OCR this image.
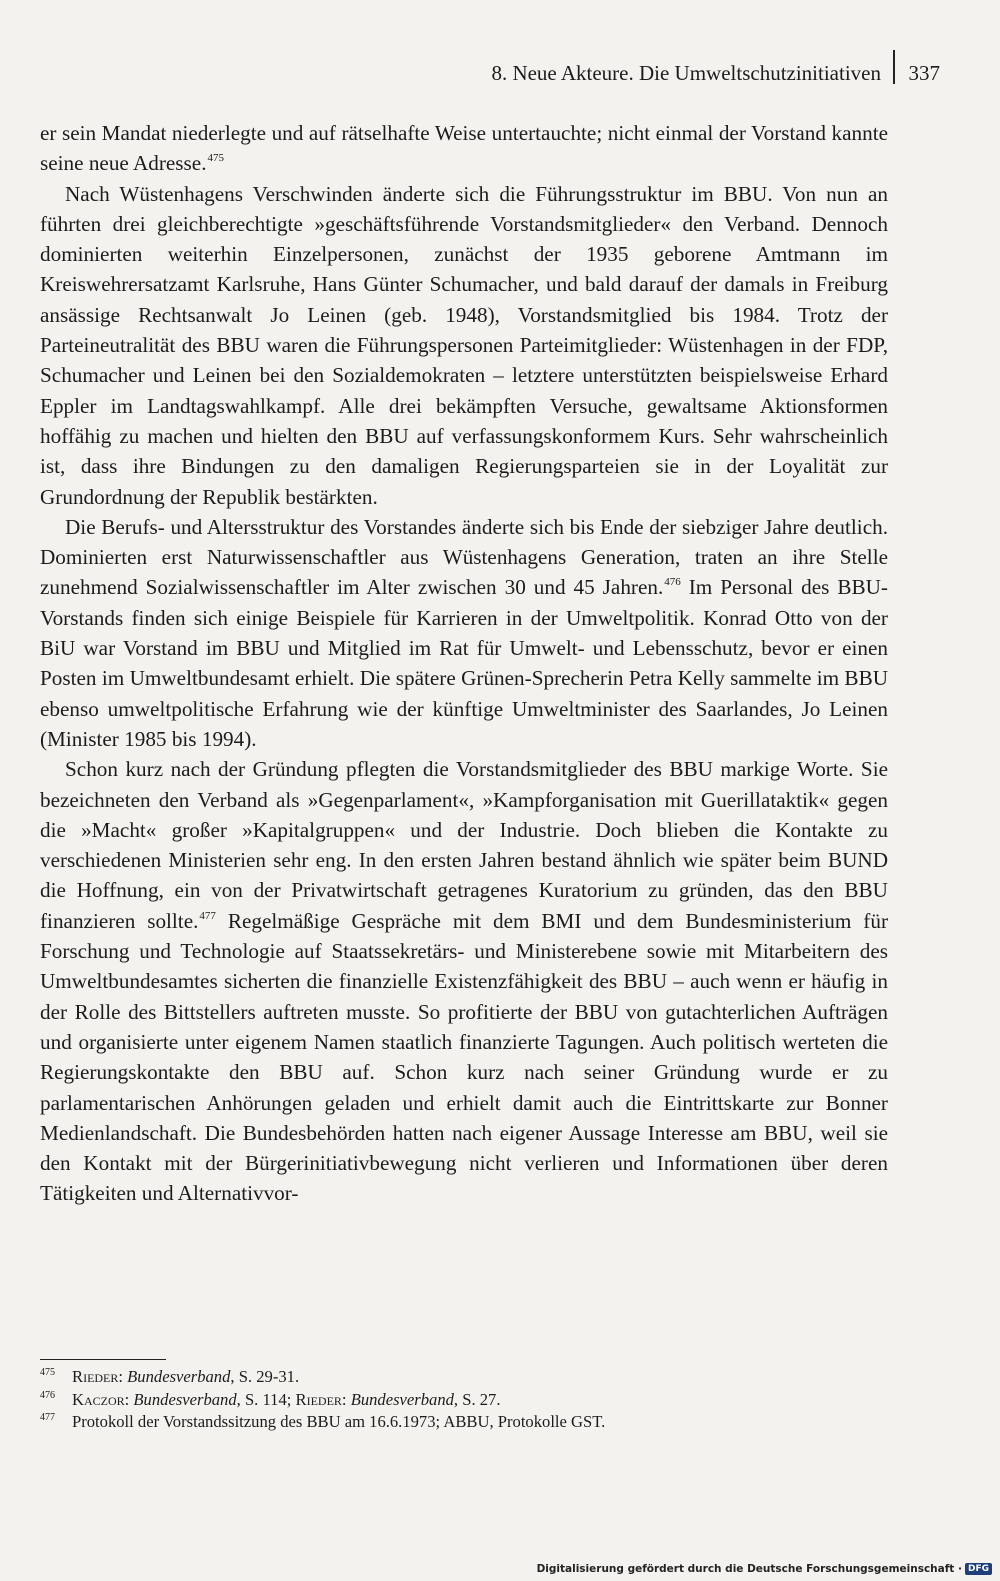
8. Neue Akteure. Die Umweltschutzinitiativen 337

er sein Mandat niederlegte und auf rätselhafte Weise untertauchte; nicht einmal der Vorstand kannte seine neue Adresse.$^{475}$

Nach Wüstenhagens Verschwinden änderte sich die Führungsstruktur im BBU. Von nun an führten drei gleichberechtigte »geschäftsführende Vorstandsmitglieder« den Verband. Dennoch dominierten weiterhin Einzelpersonen, zunächst der 1935 geborene Amtmann im Kreiswehrersatzamt Karlsruhe, Hans Günter Schumacher, und bald darauf der damals in Freiburg ansässige Rechtsanwalt Jo Leinen (geb. 1948), Vorstandsmitglied bis 1984. Trotz der Parteineutralität des BBU waren die Führungspersonen Parteimitglieder: Wüstenhagen in der FDP, Schumacher und Leinen bei den Sozialdemokraten – letztere unterstützten beispielsweise Erhard Eppler im Landtagswahlkampf. Alle drei bekämpften Versuche, gewaltsame Aktionsformen hoffähig zu machen und hielten den BBU auf verfassungskonformem Kurs. Sehr wahrscheinlich ist, dass ihre Bindungen zu den damaligen Regierungsparteien sie in der Loyalität zur Grundordnung der Republik bestärkten.

Die Berufs- und Altersstruktur des Vorstandes änderte sich bis Ende der siebziger Jahre deutlich. Dominierten erst Naturwissenschaftler aus Wüstenhagens Generation, traten an ihre Stelle zunehmend Sozialwissenschaftler im Alter zwischen 30 und 45 Jahren.$^{476}$ Im Personal des BBU-Vorstands finden sich einige Beispiele für Karrieren in der Umweltpolitik. Konrad Otto von der BiU war Vorstand im BBU und Mitglied im Rat für Umwelt- und Lebensschutz, bevor er einen Posten im Umweltbundesamt erhielt. Die spätere Grünen-Sprecherin Petra Kelly sammelte im BBU ebenso umweltpolitische Erfahrung wie der künftige Umweltminister des Saarlandes, Jo Leinen (Minister 1985 bis 1994).

Schon kurz nach der Gründung pflegten die Vorstandsmitglieder des BBU markige Worte. Sie bezeichneten den Verband als »Gegenparlament«, »Kampforganisation mit Guerillataktik« gegen die »Macht« großer »Kapitalgruppen« und der Industrie. Doch blieben die Kontakte zu verschiedenen Ministerien sehr eng. In den ersten Jahren bestand ähnlich wie später beim BUND die Hoffnung, ein von der Privatwirtschaft getragenes Kuratorium zu gründen, das den BBU finanzieren sollte.$^{477}$ Regelmäßige Gespräche mit dem BMI und dem Bundesministerium für Forschung und Technologie auf Staatssekretärs- und Ministerebene sowie mit Mitarbeitern des Umweltbundesamtes sicherten die finanzielle Existenzfähigkeit des BBU – auch wenn er häufig in der Rolle des Bittstellers auftreten musste. So profitierte der BBU von gutachterlichen Aufträgen und organisierte unter eigenem Namen staatlich finanzierte Tagungen. Auch politisch werteten die Regierungskontakte den BBU auf. Schon kurz nach seiner Gründung wurde er zu parlamentarischen Anhörungen geladen und erhielt damit auch die Eintrittskarte zur Bonner Medienlandschaft. Die Bundesbehörden hatten nach eigener Aussage Interesse am BBU, weil sie den Kontakt mit der Bürgerinitiativbewegung nicht verlieren und Informationen über deren Tätigkeiten und Alternativvor-

475	Rieder: Bundesverband, S. 29-31.
476	Kaczor: Bundesverband, S. 114; Rieder: Bundesverband, S. 27.
477	Protokoll der Vorstandssitzung des BBU am 16.6.1973; ABBU, Protokolle GST.
Digitalisierung gefördert durch die Deutsche Forschungsgemeinschaft · DFG
